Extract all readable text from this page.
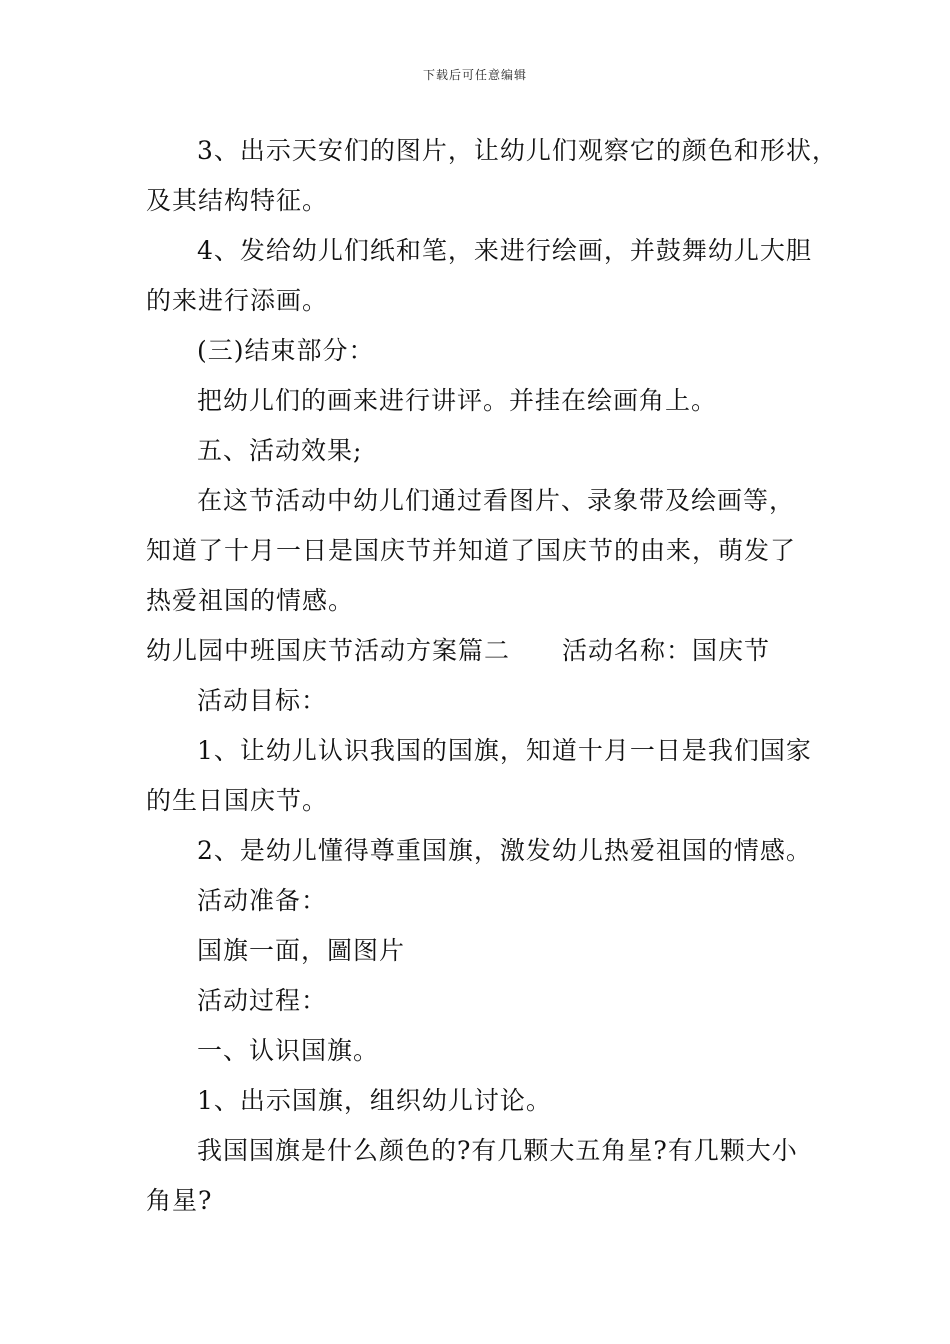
下载后可任意编辑
3、出示天安们的图片，让幼儿们观察它的颜色和形状，
及其结构特征。
4、发给幼儿们纸和笔，来进行绘画，并鼓舞幼儿大胆
的来进行添画。
(三)结束部分：
把幼儿们的画来进行讲评。并挂在绘画角上。
五、活动效果;
在这节活动中幼儿们通过看图片、录象带及绘画等，
知道了十月一日是国庆节并知道了国庆节的由来，萌发了
热爱祖国的情感。
幼儿园中班国庆节活动方案篇二 活动名称：国庆节
活动目标：
1、让幼儿认识我国的国旗，知道十月一日是我们国家
的生日国庆节。
2、是幼儿懂得尊重国旗，激发幼儿热爱祖国的情感。
活动准备：
国旗一面，圖图片
活动过程：
一、认识国旗。
1、出示国旗，组织幼儿讨论。
我国国旗是什么颜色的?有几颗大五角星?有几颗大小
角星?
